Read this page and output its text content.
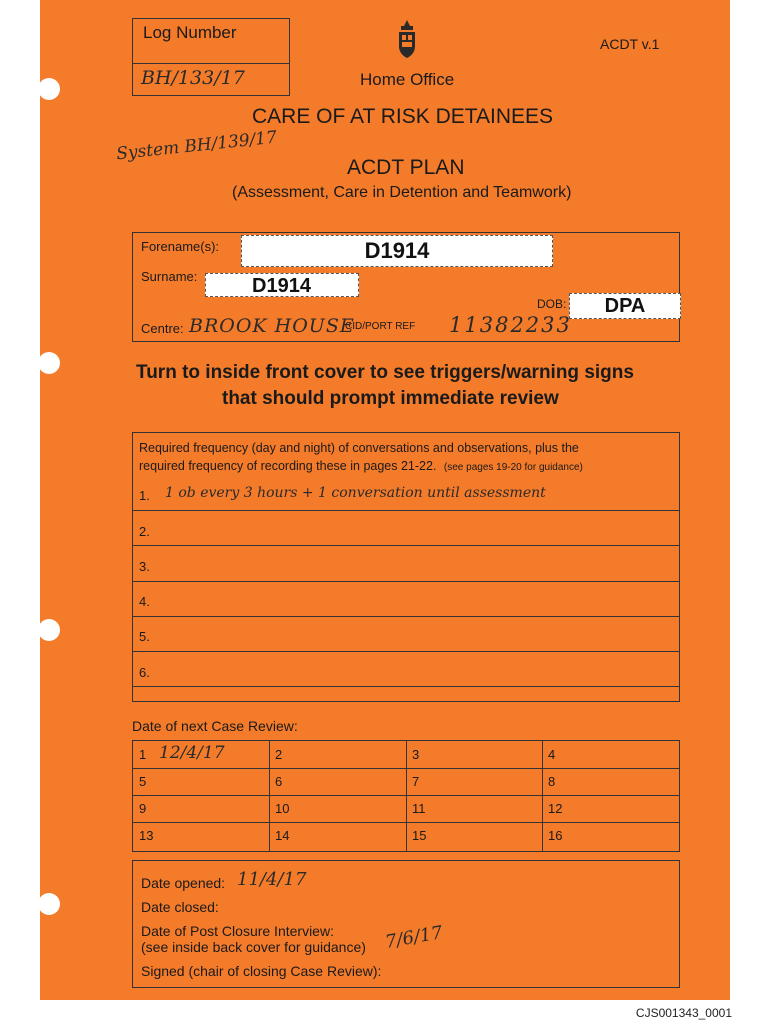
Log Number
BH/133/17	Home Office
ACDT v.1
System BH/139/17
CARE OF AT RISK DETAINEES
ACDT PLAN
(Assessment, Care in Detention and Teamwork)
Forename(s):	D1914
Surname:	D1914
DOB:	DPA
Centre: BROOK HOUSE
CID/PORT REF 11382233
Turn to inside front cover to see triggers/warning signs
that should prompt immediate review
Required frequency (day and night) of conversations and observations, plus the
required frequency of recording these in pages 21-22. (see pages 19-20 for guidance)
1. 1 ob every 3 hours + 1 conversation until assessment
2.
3.
4.
5.
6.
Date of next Case Review:
1 12/4/17	2	3	4
5	6	7	8
9	10	11	12
13	14	15	16
Date opened: 11/4/17
Date closed:
Date of Post Closure Interview:
(see inside back cover for guidance) 7/6/17
Signed (chair of closing Case Review):
CJS001343_0001
